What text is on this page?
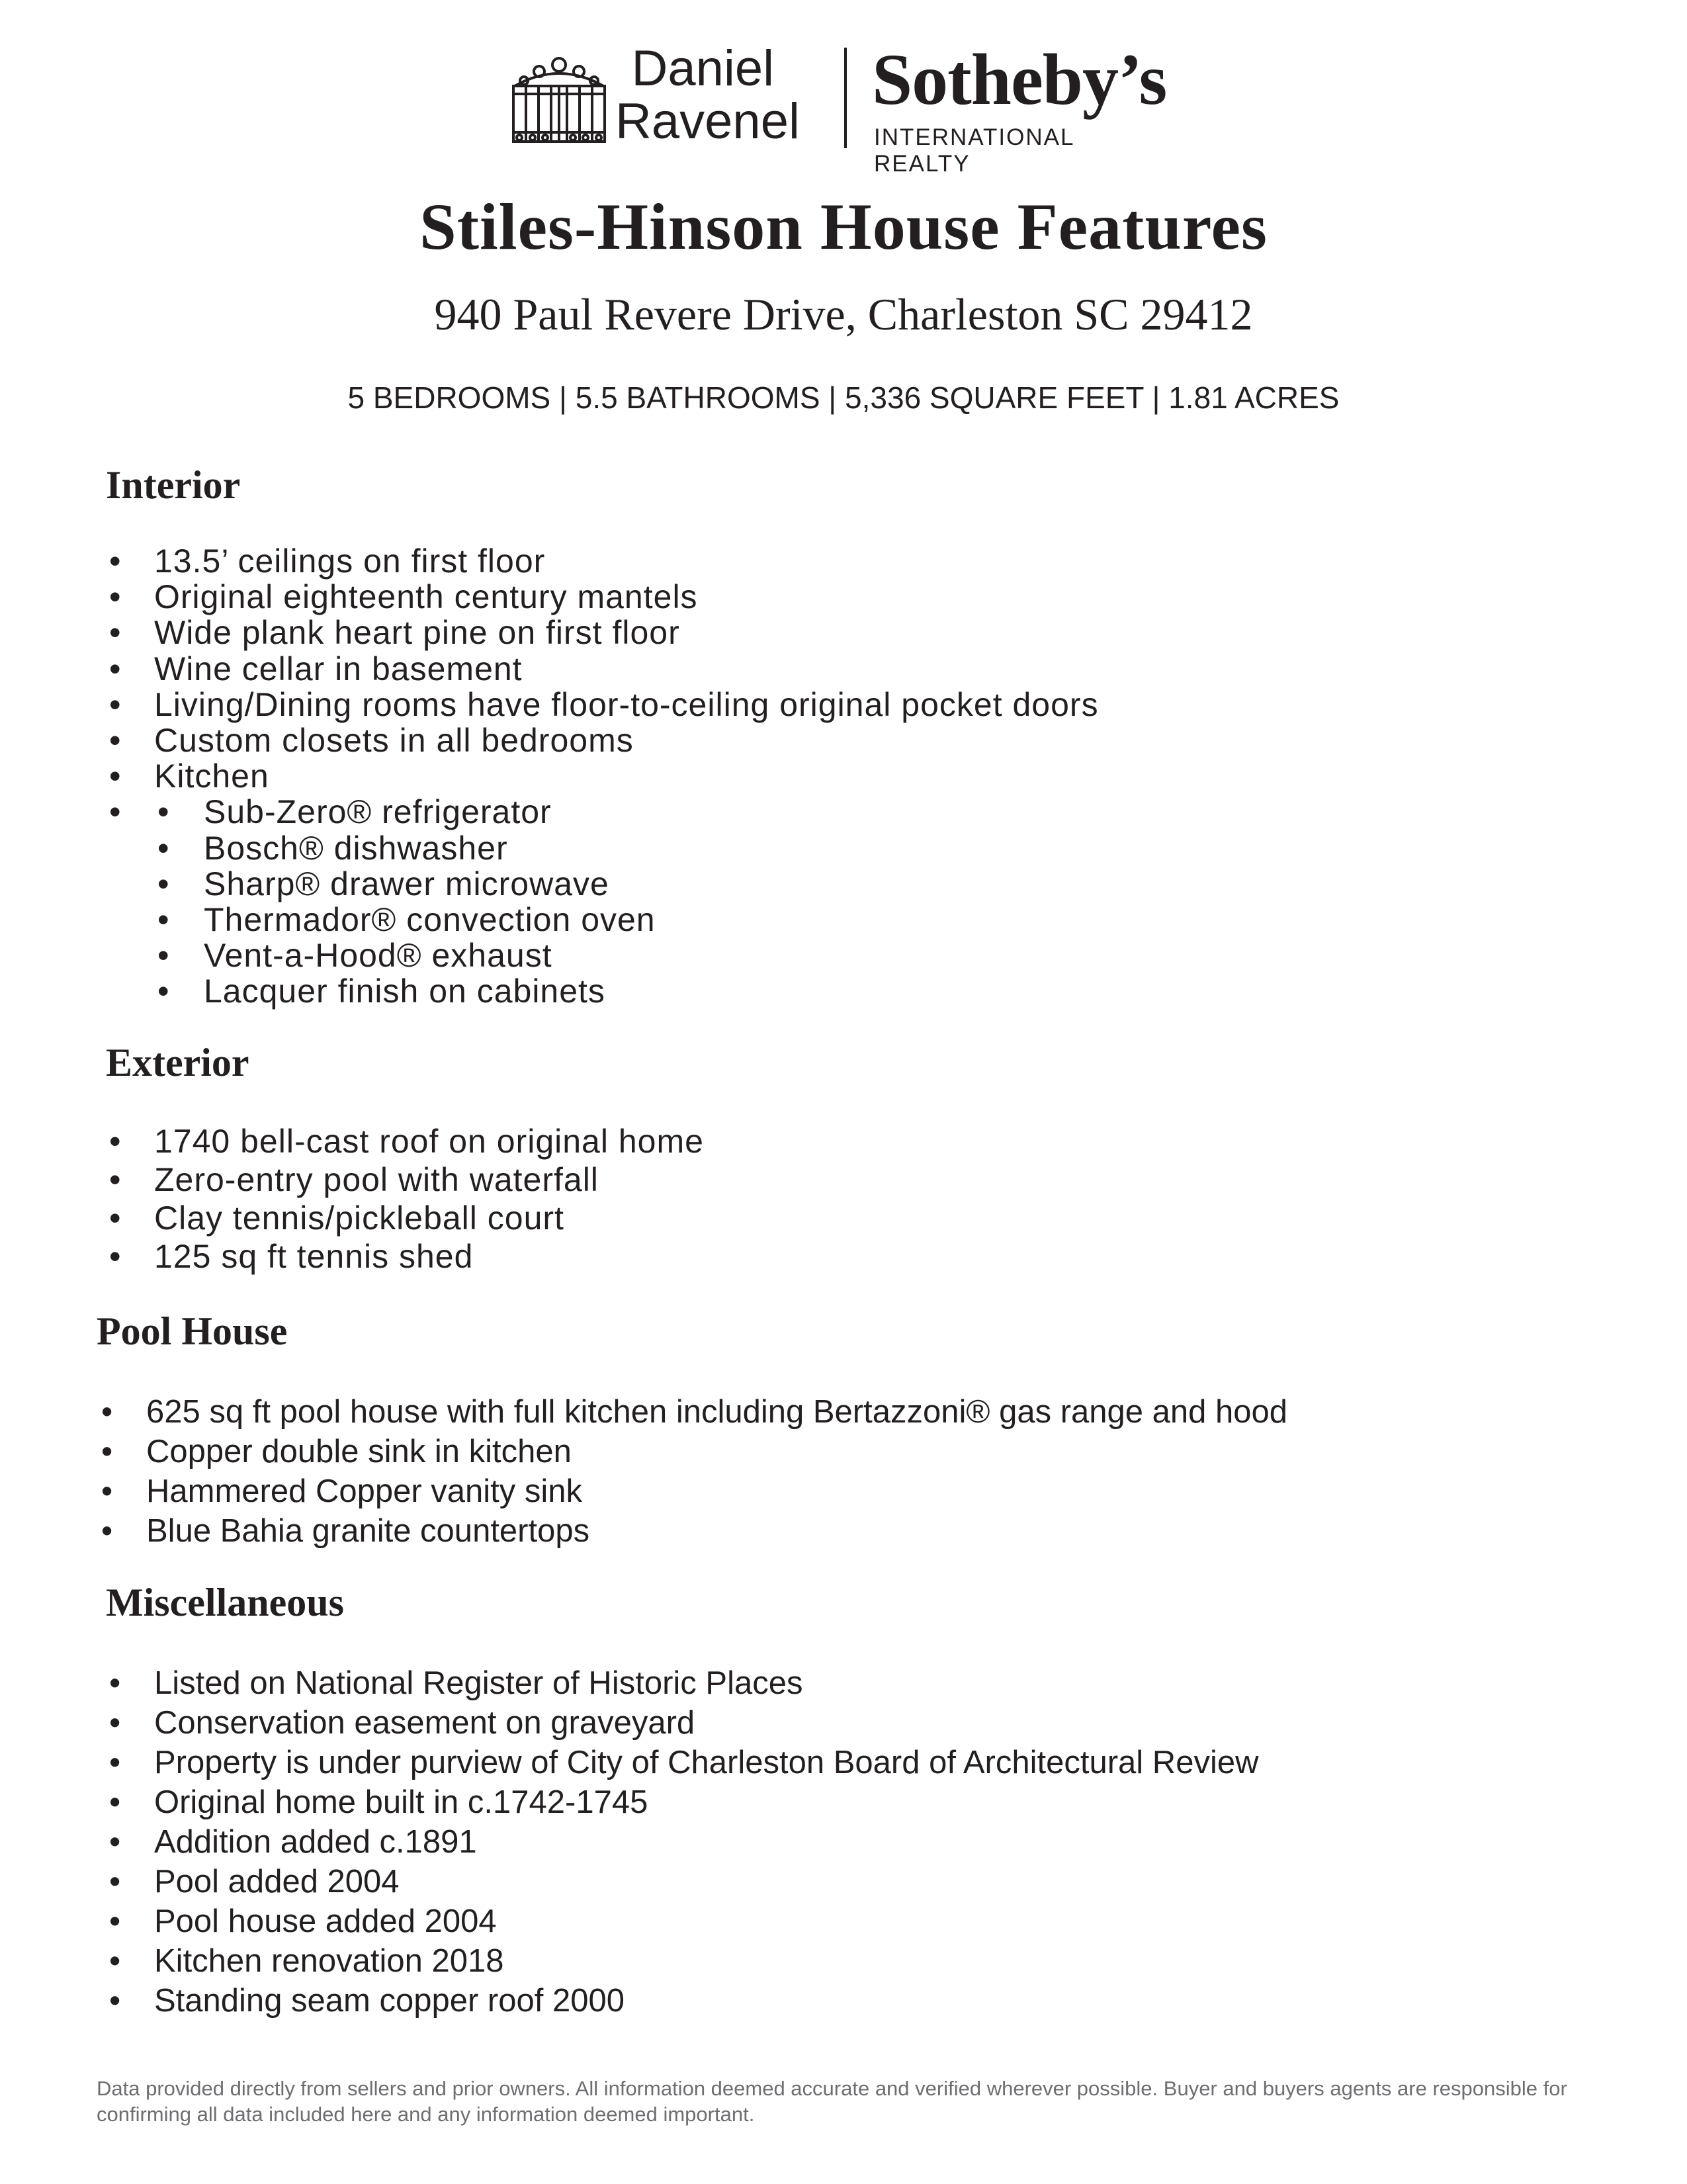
Daniel
Ravenel
Sotheby’s
INTERNATIONAL REALTY
Stiles-Hinson House Features
940 Paul Revere Drive, Charleston SC 29412
5 BEDROOMS | 5.5 BATHROOMS | 5,336 SQUARE FEET | 1.81 ACRES
Interior
• 13.5’ ceilings on first floor
• Original eighteenth century mantels
• Wide plank heart pine on first floor
• Wine cellar in basement
• Living/Dining rooms have floor-to-ceiling original pocket doors
• Custom closets in all bedrooms
• Kitchen
• • Sub-Zero® refrigerator
• Bosch® dishwasher
• Sharp® drawer microwave
• Thermador® convection oven
• Vent-a-Hood® exhaust
• Lacquer finish on cabinets
Exterior
• 1740 bell-cast roof on original home
• Zero-entry pool with waterfall
• Clay tennis/pickleball court
• 125 sq ft tennis shed
Pool House
• 625 sq ft pool house with full kitchen including Bertazzoni® gas range and hood
• Copper double sink in kitchen
• Hammered Copper vanity sink
• Blue Bahia granite countertops
Miscellaneous
• Listed on National Register of Historic Places
• Conservation easement on graveyard
• Property is under purview of City of Charleston Board of Architectural Review
• Original home built in c.1742-1745
• Addition added c.1891
• Pool added 2004
• Pool house added 2004
• Kitchen renovation 2018
• Standing seam copper roof 2000
Data provided directly from sellers and prior owners. All information deemed accurate and verified wherever possible. Buyer and buyers agents are responsible for confirming all data included here and any information deemed important.
